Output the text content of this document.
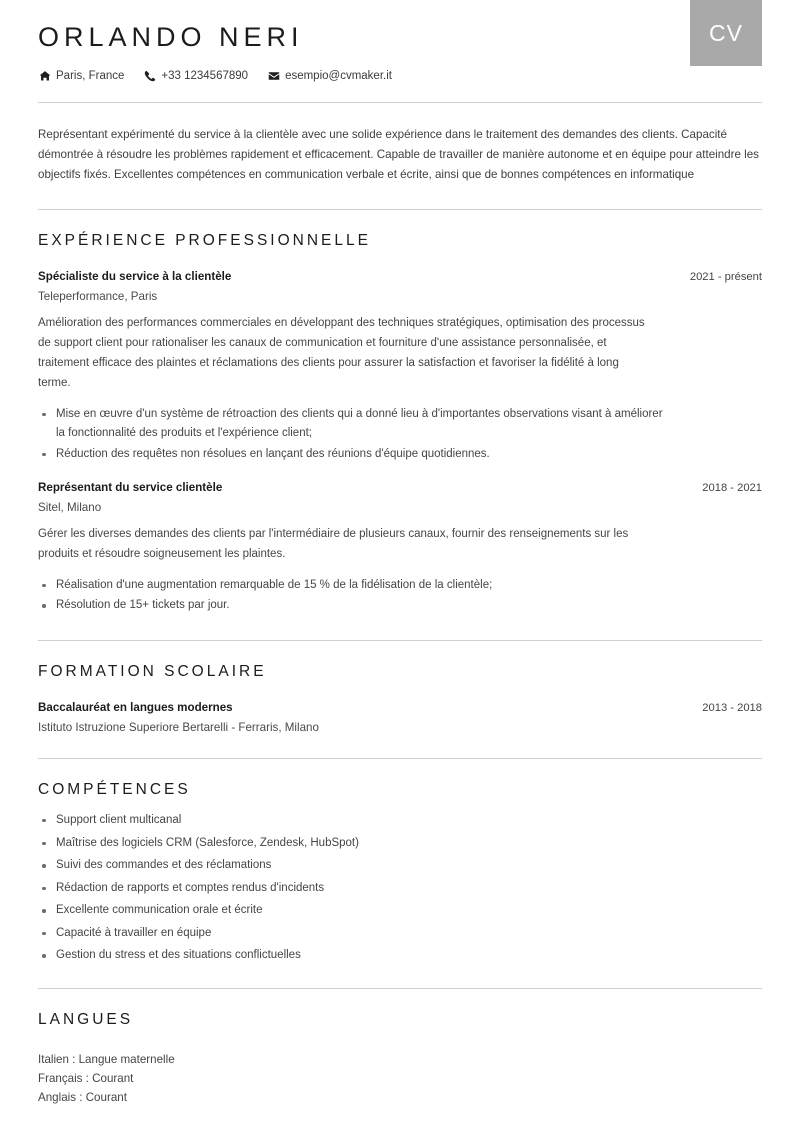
CV
ORLANDO NERI
Paris, France	+33 1234567890	esempio@cvmaker.it

Représentant expérimenté du service à la clientèle avec une solide expérience dans le traitement des demandes des clients. Capacité démontrée à résoudre les problèmes rapidement et efficacement. Capable de travailler de manière autonome et en équipe pour atteindre les objectifs fixés. Excellentes compétences en communication verbale et écrite, ainsi que de bonnes compétences en informatique

EXPÉRIENCE PROFESSIONNELLE
Spécialiste du service à la clientèle	2021 - présent
Teleperformance, Paris

Amélioration des performances commerciales en développant des techniques stratégiques, optimisation des processus de support client pour rationaliser les canaux de communication et fourniture d'une assistance personnalisée, et traitement efficace des plaintes et réclamations des clients pour assurer la satisfaction et favoriser la fidélité à long terme.

Mise en œuvre d'un système de rétroaction des clients qui a donné lieu à d'importantes observations visant à améliorer la fonctionnalité des produits et l'expérience client;
Réduction des requêtes non résolues en lançant des réunions d'équipe quotidiennes.
Représentant du service clientèle	2018 - 2021
Sitel, Milano

Gérer les diverses demandes des clients par l'intermédiaire de plusieurs canaux, fournir des renseignements sur les produits et résoudre soigneusement les plaintes.

Réalisation d'une augmentation remarquable de 15 % de la fidélisation de la clientèle;
Résolution de 15+ tickets par jour.
FORMATION SCOLAIRE
Baccalauréat en langues modernes	2013 - 2018
Istituto Istruzione Superiore Bertarelli - Ferraris, Milano
COMPÉTENCES
Support client multicanal
Maîtrise des logiciels CRM (Salesforce, Zendesk, HubSpot)
Suivi des commandes et des réclamations
Rédaction de rapports et comptes rendus d'incidents
Excellente communication orale et écrite
Capacité à travailler en équipe
Gestion du stress et des situations conflictuelles
LANGUES
Italien : Langue maternelle
Français : Courant
Anglais : Courant
